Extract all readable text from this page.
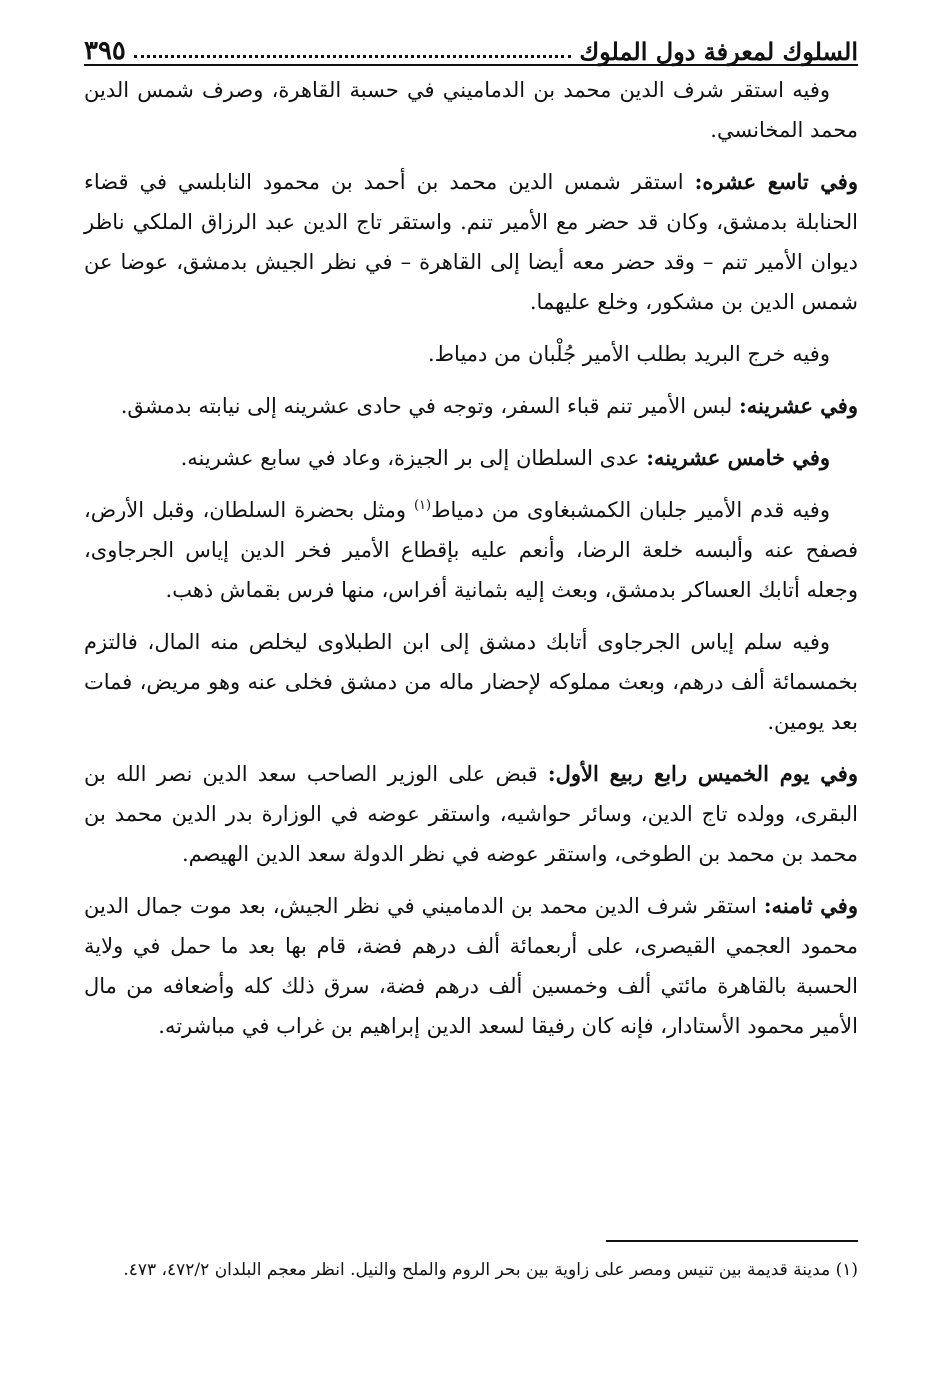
السلوك لمعرفة دول الملوك
٣٩٥

وفيه استقر شرف الدين محمد بن الدماميني في حسبة القاهرة، وصرف شمس الدين محمد المخانسي.

وفي تاسع عشره: استقر شمس الدين محمد بن أحمد بن محمود النابلسي في قضاء الحنابلة بدمشق، وكان قد حضر مع الأمير تنم. واستقر تاج الدين عبد الرزاق الملكي ناظر ديوان الأمير تنم – وقد حضر معه أيضا إلى القاهرة – في نظر الجيش بدمشق، عوضا عن شمس الدين بن مشكور، وخلع عليهما.

وفيه خرج البريد بطلب الأمير جُلْبان من دمياط.

وفي عشرينه: لبس الأمير تنم قباء السفر، وتوجه في حادى عشرينه إلى نيابته بدمشق.

وفي خامس عشرينه: عدى السلطان إلى بر الجيزة، وعاد في سابع عشرينه.

وفيه قدم الأمير جلبان الكمشبغاوى من دمياط$^{(١)}$ ومثل بحضرة السلطان، وقبل الأرض، فصفح عنه وألبسه خلعة الرضا، وأنعم عليه بإقطاع الأمير فخر الدين إياس الجرجاوى، وجعله أتابك العساكر بدمشق، وبعث إليه بثمانية أفراس، منها فرس بقماش ذهب.

وفيه سلم إياس الجرجاوى أتابك دمشق إلى ابن الطبلاوى ليخلص منه المال، فالتزم بخمسمائة ألف درهم، وبعث مملوكه لإحضار ماله من دمشق فخلى عنه وهو مريض، فمات بعد يومين.

وفي يوم الخميس رابع ربيع الأول: قبض على الوزير الصاحب سعد الدين نصر الله بن البقرى، وولده تاج الدين، وسائر حواشيه، واستقر عوضه في الوزارة بدر الدين محمد بن محمد بن محمد بن الطوخى، واستقر عوضه في نظر الدولة سعد الدين الهيصم.

وفي ثامنه: استقر شرف الدين محمد بن الدماميني في نظر الجيش، بعد موت جمال الدين محمود العجمي القيصرى، على أربعمائة ألف درهم فضة، قام بها بعد ما حمل في ولاية الحسبة بالقاهرة مائتي ألف وخمسين ألف درهم فضة، سرق ذلك كله وأضعافه من مال الأمير محمود الأستادار، فإنه كان رفيقا لسعد الدين إبراهيم بن غراب في مباشرته.

(١) مدينة قديمة بين تنيس ومصر على زاوية بين بحر الروم والملح والنيل. انظر معجم البلدان ٤٧٢/٢، ٤٧٣.
